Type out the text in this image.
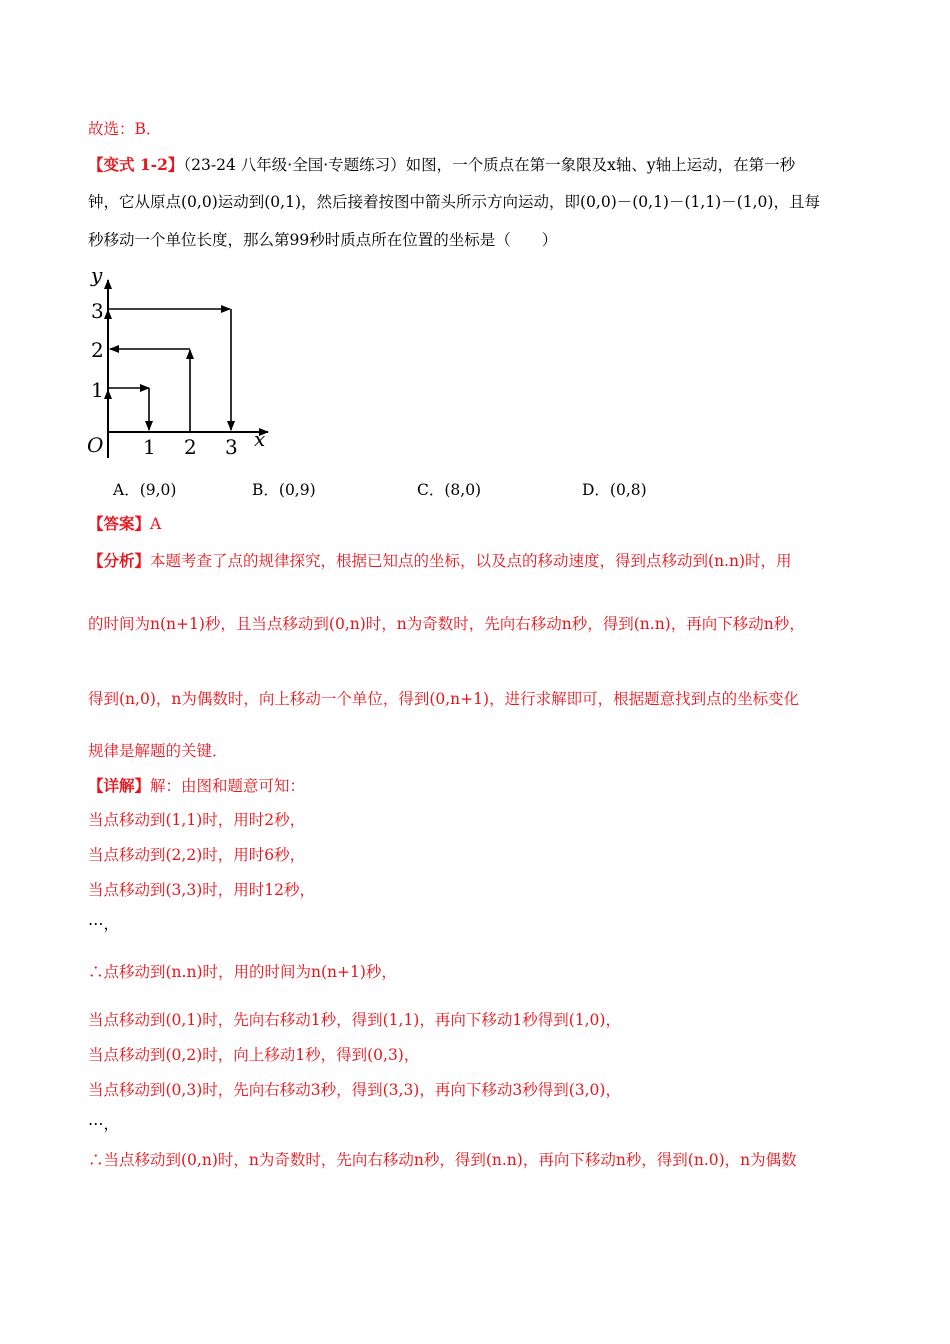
故选：B．
【变式 1-2】（23-24 八年级·全国·专题练习）如图，一个质点在第一象限及x轴、y轴上运动，在第一秒
钟，它从原点(0,0)运动到(0,1)，然后接着按图中箭头所示方向运动，即(0,0)－(0,1)－(1,1)－(1,0)，且每
秒移动一个单位长度，那么第99秒时质点所在位置的坐标是（　　）
y
x
O 1 2 3
1
2
3
A．(9,0)	B．(0,9)	C．(8,0)	D．(0,8)
【答案】A
【分析】本题考查了点的规律探究，根据已知点的坐标，以及点的移动速度，得到点移动到(n.n)时，用
的时间为n(n+1)秒，且当点移动到(0,n)时，n为奇数时，先向右移动n秒，得到(n.n)，再向下移动n秒，
得到(n,0)，n为偶数时，向上移动一个单位，得到(0,n+1)，进行求解即可，根据题意找到点的坐标变化
规律是解题的关键．
【详解】解：由图和题意可知：
当点移动到(1,1)时，用时2秒，
当点移动到(2,2)时，用时6秒，
当点移动到(3,3)时，用时12秒，
⋯，
∴点移动到(n.n)时，用的时间为n(n+1)秒，
当点移动到(0,1)时，先向右移动1秒，得到(1,1)，再向下移动1秒得到(1,0)，
当点移动到(0,2)时，向上移动1秒，得到(0,3)，
当点移动到(0,3)时，先向右移动3秒，得到(3,3)，再向下移动3秒得到(3,0)，
⋯，
∴当点移动到(0,n)时，n为奇数时，先向右移动n秒，得到(n.n)，再向下移动n秒，得到(n.0)，n为偶数
